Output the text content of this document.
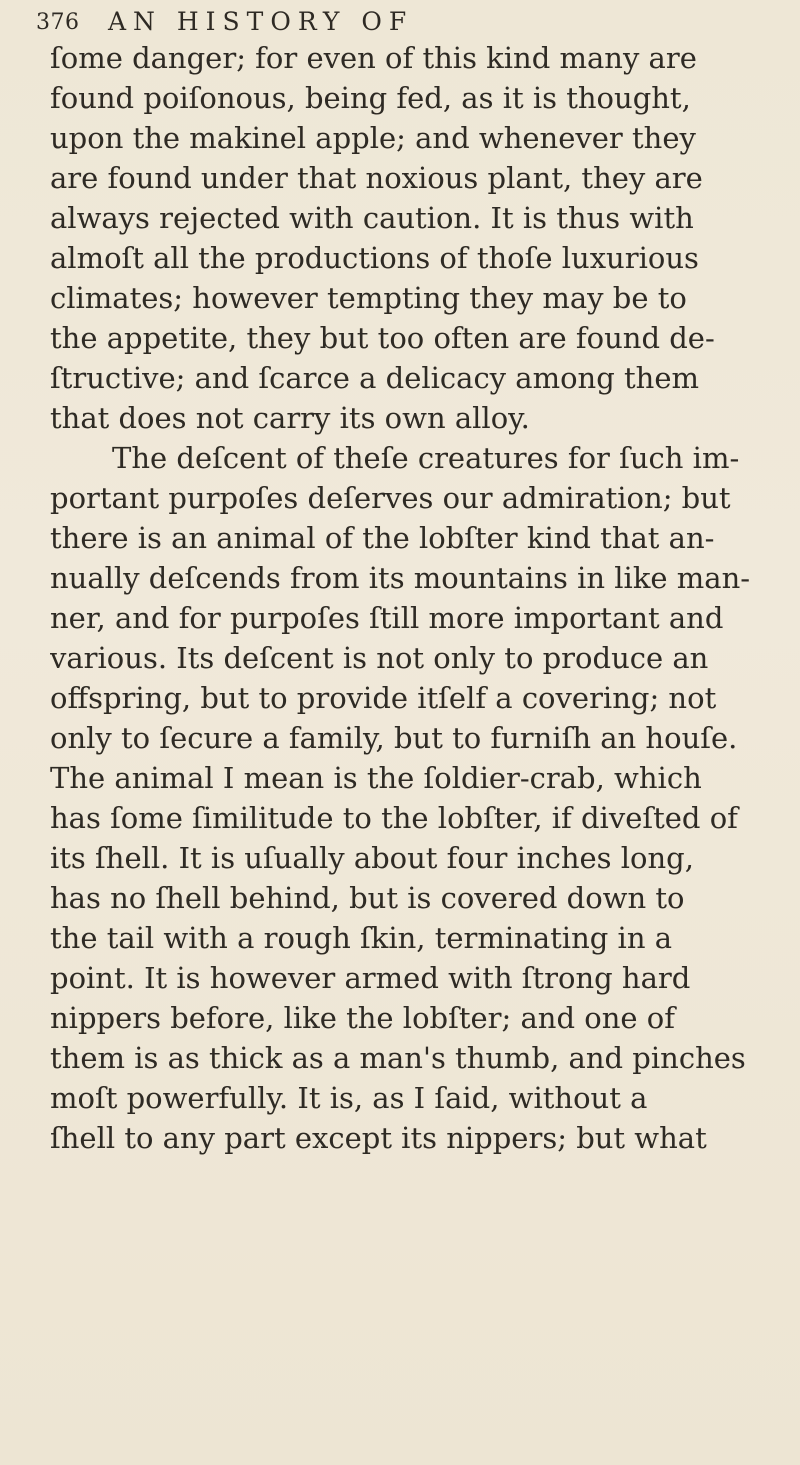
376 AN HISTORY OF
ſome danger; for even of this kind many are
found poiſonous, being fed, as it is thought,
upon the makinel apple; and whenever they
are found under that noxious plant, they are
always rejected with caution. It is thus with
almoſt all the productions of thoſe luxurious
climates; however tempting they may be to
the appetite, they but too often are found de-
ſtructive; and ſcarce a delicacy among them
that does not carry its own alloy.
The deſcent of theſe creatures for ſuch im-
portant purpoſes deſerves our admiration; but
there is an animal of the lobſter kind that an-
nually deſcends from its mountains in like man-
ner, and for purpoſes ſtill more important and
various. Its deſcent is not only to produce an
offspring, but to provide itſelf a covering; not
only to ſecure a family, but to furniſh an houſe.
The animal I mean is the ſoldier-crab, which
has ſome ſimilitude to the lobſter, if diveſted of
its ſhell. It is uſually about four inches long,
has no ſhell behind, but is covered down to
the tail with a rough ſkin, terminating in a
point. It is however armed with ſtrong hard
nippers before, like the lobſter; and one of
them is as thick as a man's thumb, and pinches
moſt powerfully. It is, as I ſaid, without a
ſhell to any part except its nippers; but what
